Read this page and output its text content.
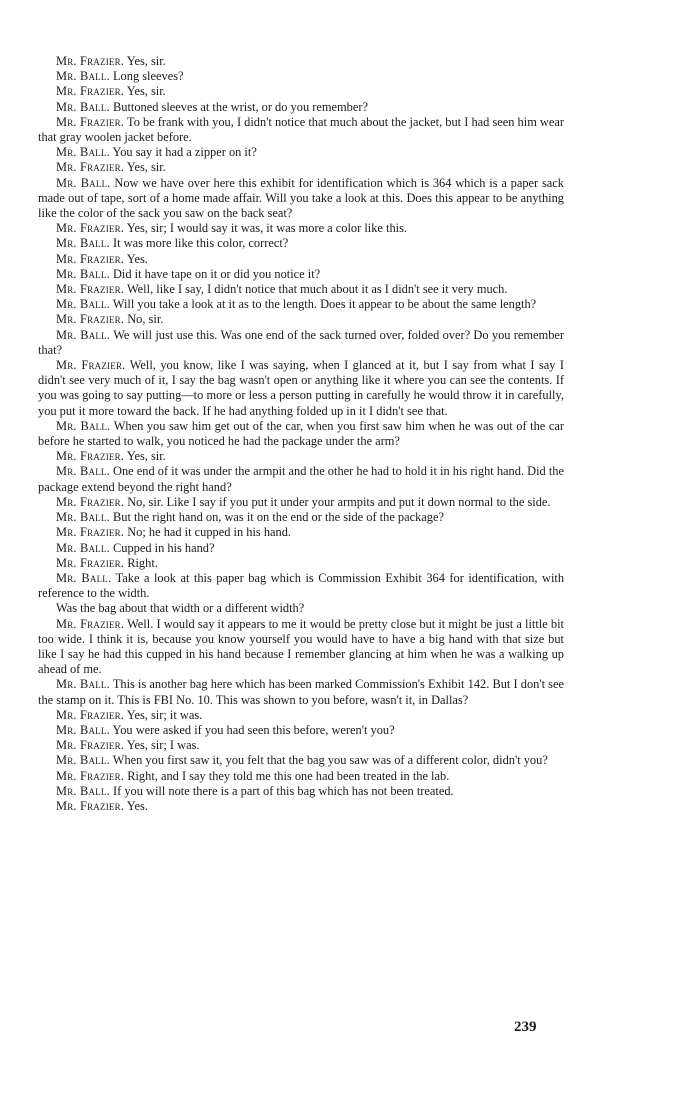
Mr. Frazier. Yes, sir.

Mr. Ball. Long sleeves?

Mr. Frazier. Yes, sir.

Mr. Ball. Buttoned sleeves at the wrist, or do you remember?

Mr. Frazier. To be frank with you, I didn't notice that much about the jacket, but I had seen him wear that gray woolen jacket before.

Mr. Ball. You say it had a zipper on it?

Mr. Frazier. Yes, sir.

Mr. Ball. Now we have over here this exhibit for identification which is 364 which is a paper sack made out of tape, sort of a home made affair. Will you take a look at this. Does this appear to be anything like the color of the sack you saw on the back seat?

Mr. Frazier. Yes, sir; I would say it was, it was more a color like this.

Mr. Ball. It was more like this color, correct?

Mr. Frazier. Yes.

Mr. Ball. Did it have tape on it or did you notice it?

Mr. Frazier. Well, like I say, I didn't notice that much about it as I didn't see it very much.

Mr. Ball. Will you take a look at it as to the length. Does it appear to be about the same length?

Mr. Frazier. No, sir.

Mr. Ball. We will just use this. Was one end of the sack turned over, folded over? Do you remember that?

Mr. Frazier. Well, you know, like I was saying, when I glanced at it, but I say from what I say I didn't see very much of it, I say the bag wasn't open or anything like it where you can see the contents. If you was going to say putting—to more or less a person putting in carefully he would throw it in carefully, you put it more toward the back. If he had anything folded up in it I didn't see that.

Mr. Ball. When you saw him get out of the car, when you first saw him when he was out of the car before he started to walk, you noticed he had the package under the arm?

Mr. Frazier. Yes, sir.

Mr. Ball. One end of it was under the armpit and the other he had to hold it in his right hand. Did the package extend beyond the right hand?

Mr. Frazier. No, sir. Like I say if you put it under your armpits and put it down normal to the side.

Mr. Ball. But the right hand on, was it on the end or the side of the package?

Mr. Frazier. No; he had it cupped in his hand.

Mr. Ball. Cupped in his hand?

Mr. Frazier. Right.

Mr. Ball. Take a look at this paper bag which is Commission Exhibit 364 for identification, with reference to the width.

Was the bag about that width or a different width?

Mr. Frazier. Well. I would say it appears to me it would be pretty close but it might be just a little bit too wide. I think it is, because you know yourself you would have to have a big hand with that size but like I say he had this cupped in his hand because I remember glancing at him when he was a walking up ahead of me.

Mr. Ball. This is another bag here which has been marked Commission's Exhibit 142. But I don't see the stamp on it. This is FBI No. 10. This was shown to you before, wasn't it, in Dallas?

Mr. Frazier. Yes, sir; it was.

Mr. Ball. You were asked if you had seen this before, weren't you?

Mr. Frazier. Yes, sir; I was.

Mr. Ball. When you first saw it, you felt that the bag you saw was of a different color, didn't you?

Mr. Frazier. Right, and I say they told me this one had been treated in the lab.

Mr. Ball. If you will note there is a part of this bag which has not been treated.

Mr. Frazier. Yes.

239
